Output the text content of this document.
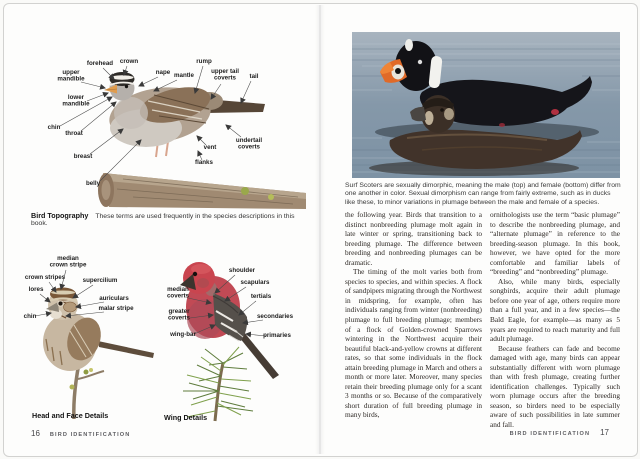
forehead crown
nape mantle
rump
upper tail coverts	tail
upper mandible
lower mandible
chin
throat
breast
belly
vent
flanks
undertail coverts
Bird Topography These terms are used frequently in the species descriptions in this book.
median crown stripe
crown stripes	supercilium
lores
auriculars
malar stripe
chin
Head and Face Details
shoulder
scapulars
median coverts	tertials
greater coverts	secondaries
wing-bar	primaries
Wing Details
16 BIRD IDENTIFICATION
Surf Scoters are sexually dimorphic, meaning the male (top) and female (bottom) differ from one another in color. Sexual dimorphism can range from fairly extreme, such as in ducks like these, to minor variations in plumage between the male and female of a species.

the following year. Birds that transition to a distinct nonbreeding plumage molt again in late winter or spring, transitioning back to breeding plumage. The difference between breeding and nonbreeding plumages can be dramatic.

The timing of the molt varies both from species to species, and within species. A flock of sandpipers migrating through the Northwest in midspring, for example, often has individuals ranging from winter (nonbreeding) plumage to full breeding plumage; members of a flock of Golden-crowned Sparrows wintering in the Northwest acquire their beautiful black-and-yellow crowns at different rates, so that some individuals in the flock attain breeding plumage in March and others a month or more later. Moreover, many species retain their breeding plumage only for a scant 3 months or so. Because of the comparatively short duration of full breeding plumage in many birds,

ornithologists use the term “basic plumage” to describe the nonbreeding plumage, and “alternate plumage” in reference to the breeding-season plumage. In this book, however, we have opted for the more comfortable and familiar labels of “breeding” and “nonbreeding” plumage.

Also, while many birds, especially songbirds, acquire their adult plumage before one year of age, others require more than a full year, and in a few species—the Bald Eagle, for example—as many as 5 years are required to reach maturity and full adult plumage.

Because feathers can fade and become damaged with age, many birds can appear substantially different with worn plumage than with fresh plumage, creating further identification challenges. Typically such worn plumage occurs after the breeding season, so birders need to be especially aware of such possibilities in late summer and fall.

BIRD IDENTIFICATION 17
